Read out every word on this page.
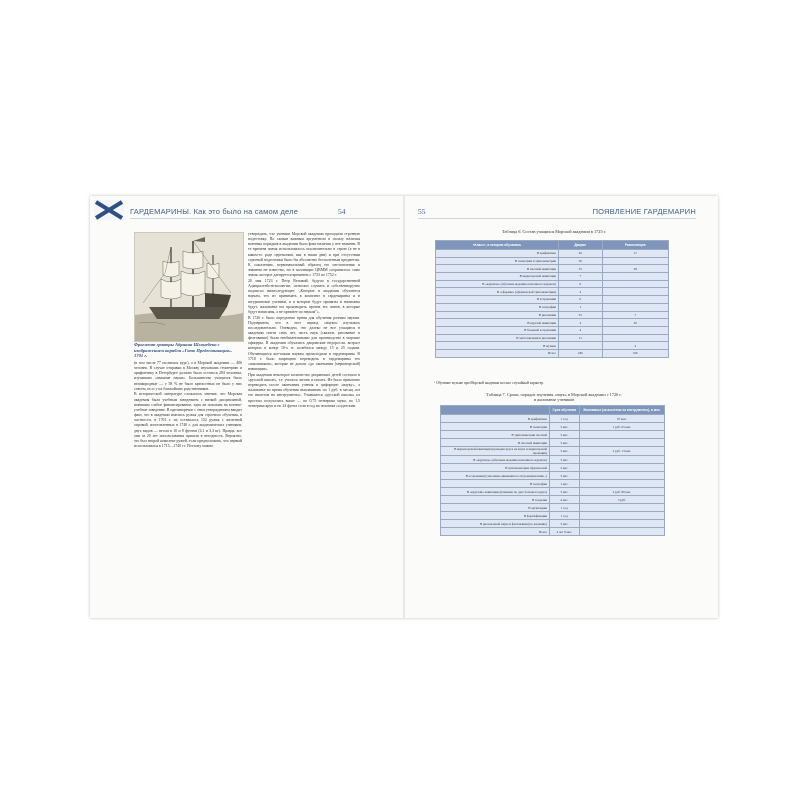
ГАРДЕМАРИНЫ. Как это было на самом деле	54
Фрагмент гравюры Адриана Шхонебека с изображением корабля «Гото Предестинация». 1701 г.

(в том числе 77 посничих курс), а в Морской академии — 406 человек. В случае отправки в Москву изучавших геометрию и арифметику в Петербурге должно было остаться 284 человека, изучавших «вышние науки». Большинство учащихся было великородные — у 58 % не было крепостных не было у них совсем, но и у их ближайших родственников.

В исторической литературе сложилось мнение, что Морская академия была учебным заведением с низкой дисциплиной, имевшим слабое финансирование, едва ли похожим на военно-учебное заведение. В противоречие с этим утверждением вводит факт, что в академии имелись ружья для строевого обучения, в частности, в 1761 г. их оставалось 152 ружья с железной оправой, изготовленных в 1740 г. для академических учеников, двух видов — весом в 10 и 8 фунтов (4,1 и 3,3 кг). Правда, все они за 20 лет использования пришли в негодность. Вероятно, это был второй комплект ружей, если предположить, что первый использовался в 1715—1740 гг. Поэтому можно

утверждать, что ученики Морской академии проходили строевую подготовку. По самым важным аргументом в пользу наличия военных порядков в академии было факт наличия у нее знамени. В те времена знамя использовалось исключительно в строю (а не в каком-то роде церемонии, как в наши дни) и при отсутствии строевой подготовки было бы абсолютно бесполезным предметом. К сожалению, первоначальный образец его изготовления и знамени не известно, но в коллекции ЦВММ сохранилось само знамя, которое датируется временем с 1733 по 1752 г.

20 мая 1723 г. Петр Великий, будучи в государственной Адмиралтейств-коллегии, «изволил слушать и собственноручно подписал нижеследующее: „Которые в академии обучаются наукам, тех из принимать в комплект в гардемарины и в штурманские ученики, и в которые будут приняты и написаны будут, жалованье им производить против тех чинов, в которые будут написаны, а не прежнее по наукам"».

В 1726 г. было определено время для обучения разным наукам. Подчеркнем, что в этот период «науки» изучались последовательно. Очевидно, что далеко не все учащиеся в академии почти семь лет, часть наук (скажем, рисование и фехтование) были необязательными для производства в морские офицеры. В академии обучались дворянские недоросли, возраст которых в конце 10-х гг. колебался между 15 и 25 годами. Обучающиеся кое-каким наукам происходили в гардемарины. В 1718 г. было запрещено переводить в гардемарины тех «школьников», которые не дошли «до окончания [меркаторской] навигации».

При академии некоторое количество дворянских детей состояло в «русской школе», т.е. училось читать и писать. Их было приказано переводить после окончания учения в цифирную «науку», а жалованье во время обучения выплачивать по 1 руб. в месяц «из его вычетом на инструменты». Учившиеся «русской школы» из простых получались выше — по 0,75 четверика муки, по 1,5 четверика круп и по 24 фунта соли в год на человека солдатским

55	ПОЯВЛЕНИЕ ГАРДЕМАРИН
Таблица 6. Состав учащихся Морской академии в 1725 г.
«Класс», в котором обучались	Дворян	Разночинцев
В арифметике	26	17
В геометрии и тригонометрии	56	
В плоской навигации	35	28
В меркаторской навигации	7	
В «журнале» (обучение ведению вахтенного журнала)	6	
В «сферике» (сферической тригонометрии)	4	
В астрономии	6	
В географии	1	
В рисовании	55	7
В круглой навигации	4	30
В большой астрономии	4	
В чистописании и рисовании	11	
В музыке		4
Всего	186	106
¹ Обучение музыке при Морской академии носило случайный характер.
Таблица 7. Сроки, порядок изучения «наук» в Морской академии с 1726 г.
и жалованье учеников
	Срок обучения	Жалованье (за вычетом на инструменты), в мес.
В арифметике	1 год	97 коп.
В геометрии	3 мес.	1 руб. 65 коп.
В тригонометрии плоской	3 мес.	
В плоской навигации	3 мес.	
В меркаторской навигации (проводка курса на карте и меркаторской проекции)	3 мес.	2 руб. 13 коп.
В «журнале» (обучение ведению вахтенного журнала)	3 мес.	
В тригонометрии сферической	2 мес.	
В астрономии (счисление движения по астрономическим...)	3 мес.	
В географии	1 мес.	
В «круглой» навигации (плавание по дуге большого круга)	3 мес.	2 руб. 80 коп.
В геодезии	4 мес.	3 руб.
В артиллерии	1 год	
В фортификации	1 год	
В рисовальной науке и фехтовании (по желанию)	3 мес.	
Всего	4 лет 9 мес.	
